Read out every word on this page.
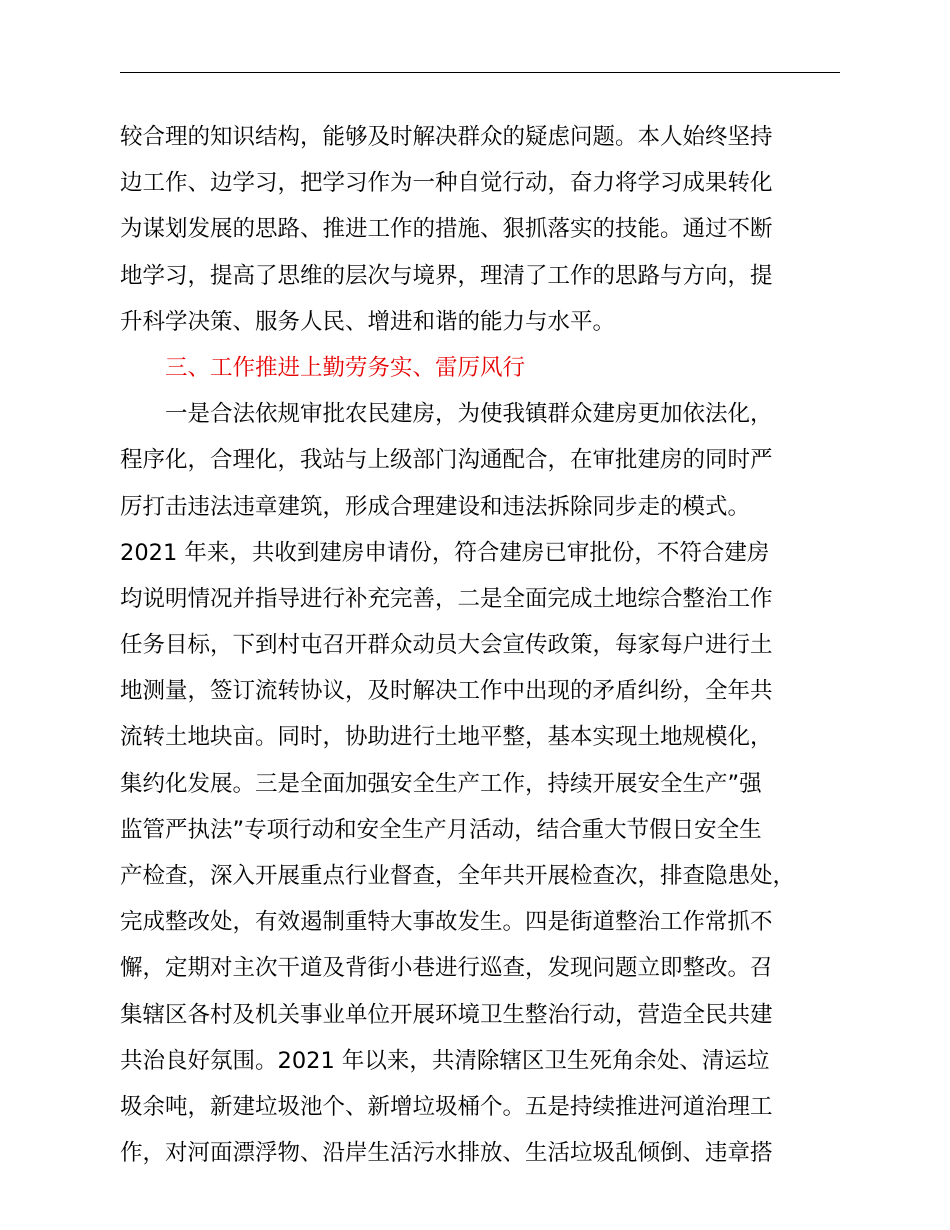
较合理的知识结构，能够及时解决群众的疑虑问题。本人始终坚持
边工作、边学习，把学习作为一种自觉行动，奋力将学习成果转化
为谋划发展的思路、推进工作的措施、狠抓落实的技能。通过不断
地学习，提高了思维的层次与境界，理清了工作的思路与方向，提
升科学决策、服务人民、增进和谐的能力与水平。
三、工作推进上勤劳务实、雷厉风行
一是合法依规审批农民建房，为使我镇群众建房更加依法化，
程序化，合理化，我站与上级部门沟通配合，在审批建房的同时严
厉打击违法违章建筑，形成合理建设和违法拆除同步走的模式。
2021 年来，共收到建房申请份，符合建房已审批份，不符合建房
均说明情况并指导进行补充完善，二是全面完成土地综合整治工作
任务目标，下到村屯召开群众动员大会宣传政策，每家每户进行土
地测量，签订流转协议，及时解决工作中出现的矛盾纠纷，全年共
流转土地块亩。同时，协助进行土地平整，基本实现土地规模化，
集约化发展。三是全面加强安全生产工作，持续开展安全生产”强
监管严执法”专项行动和安全生产月活动，结合重大节假日安全生
产检查，深入开展重点行业督查，全年共开展检查次，排查隐患处，
完成整改处，有效遏制重特大事故发生。四是街道整治工作常抓不
懈，定期对主次干道及背街小巷进行巡查，发现问题立即整改。召
集辖区各村及机关事业单位开展环境卫生整治行动，营造全民共建
共治良好氛围。2021 年以来，共清除辖区卫生死角余处、清运垃
圾余吨，新建垃圾池个、新增垃圾桶个。五是持续推进河道治理工
作，对河面漂浮物、沿岸生活污水排放、生活垃圾乱倾倒、违章搭
